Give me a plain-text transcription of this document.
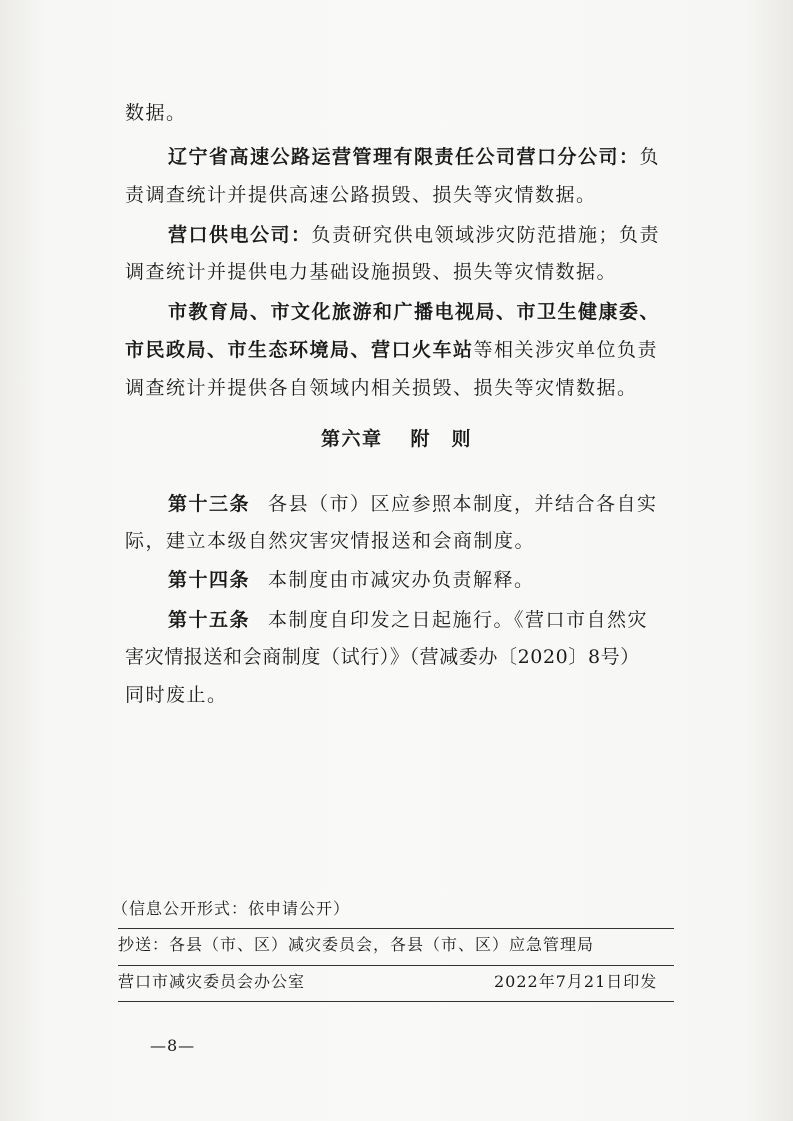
数据。
辽宁省高速公路运营管理有限责任公司营口分公司：负
责调查统计并提供高速公路损毁、损失等灾情数据。
营口供电公司：负责研究供电领域涉灾防范措施；负责
调查统计并提供电力基础设施损毁、损失等灾情数据。
市教育局、市文化旅游和广播电视局、市卫生健康委、
市民政局、市生态环境局、营口火车站等相关涉灾单位负责
调查统计并提供各自领域内相关损毁、损失等灾情数据。
第六章 附　则
第十三条 各县（市）区应参照本制度，并结合各自实
际，建立本级自然灾害灾情报送和会商制度。
第十四条 本制度由市减灾办负责解释。
第十五条 本制度自印发之日起施行。《营口市自然灾
害灾情报送和会商制度（试行）》（营减委办〔2020〕8号）
同时废止。
（信息公开形式：依申请公开）
抄送：各县（市、区）减灾委员会，各县（市、区）应急管理局
营口市减灾委员会办公室	2022年7月21日印发
—8—
